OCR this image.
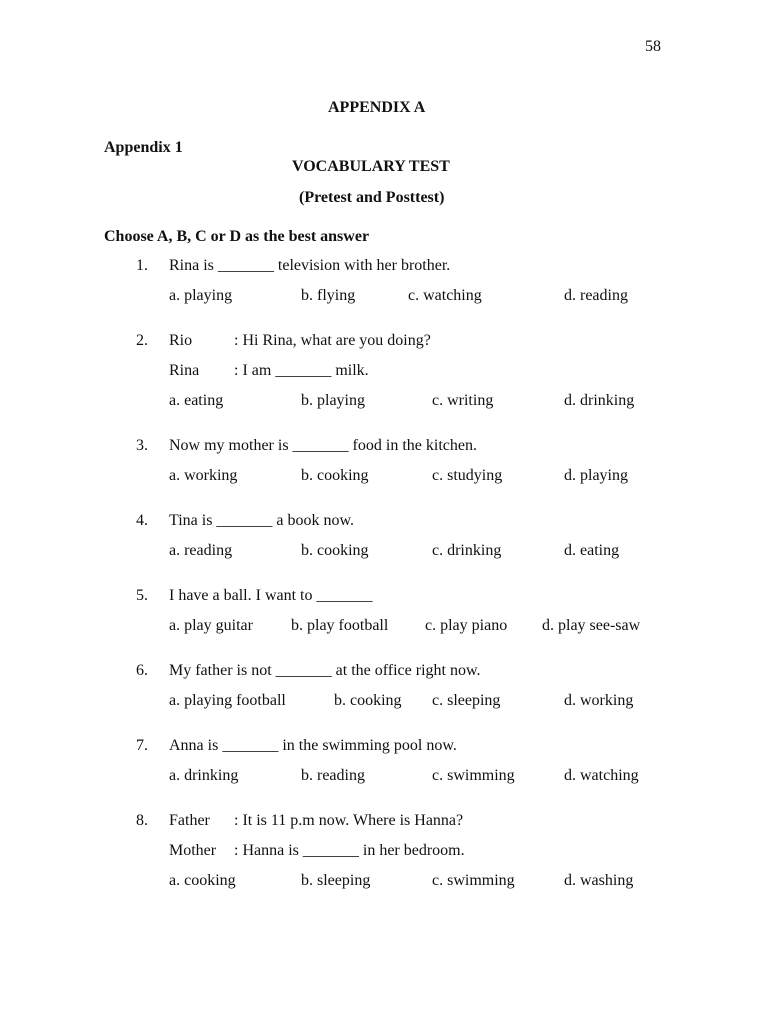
58
APPENDIX A
Appendix 1
VOCABULARY TEST
(Pretest and Posttest)
Choose A, B, C or D as the best answer
1. Rina is _______ television with her brother.
a. playing	b. flying	c. watching	d. reading
2. Rio	: Hi Rina, what are you doing?
Rina : I am _______ milk.
a. eating	b. playing	c. writing	d. drinking
3. Now my mother is _______ food in the kitchen.
a. working	b. cooking	c. studying	d. playing
4. Tina is _______ a book now.
a. reading	b. cooking	c. drinking	d. eating
5. I have a ball. I want to _______
a. play guitar b. play football c. play piano d. play see-saw
6. My father is not _______ at the office right now.
a. playing football	b. cooking c. sleeping	d. working
7. Anna is _______ in the swimming pool now.
a. drinking	b. reading	c. swimming	d. watching
8. Father : It is 11 p.m now. Where is Hanna?
Mother : Hanna is _______ in her bedroom.
a. cooking	b. sleeping	c. swimming	d. washing
